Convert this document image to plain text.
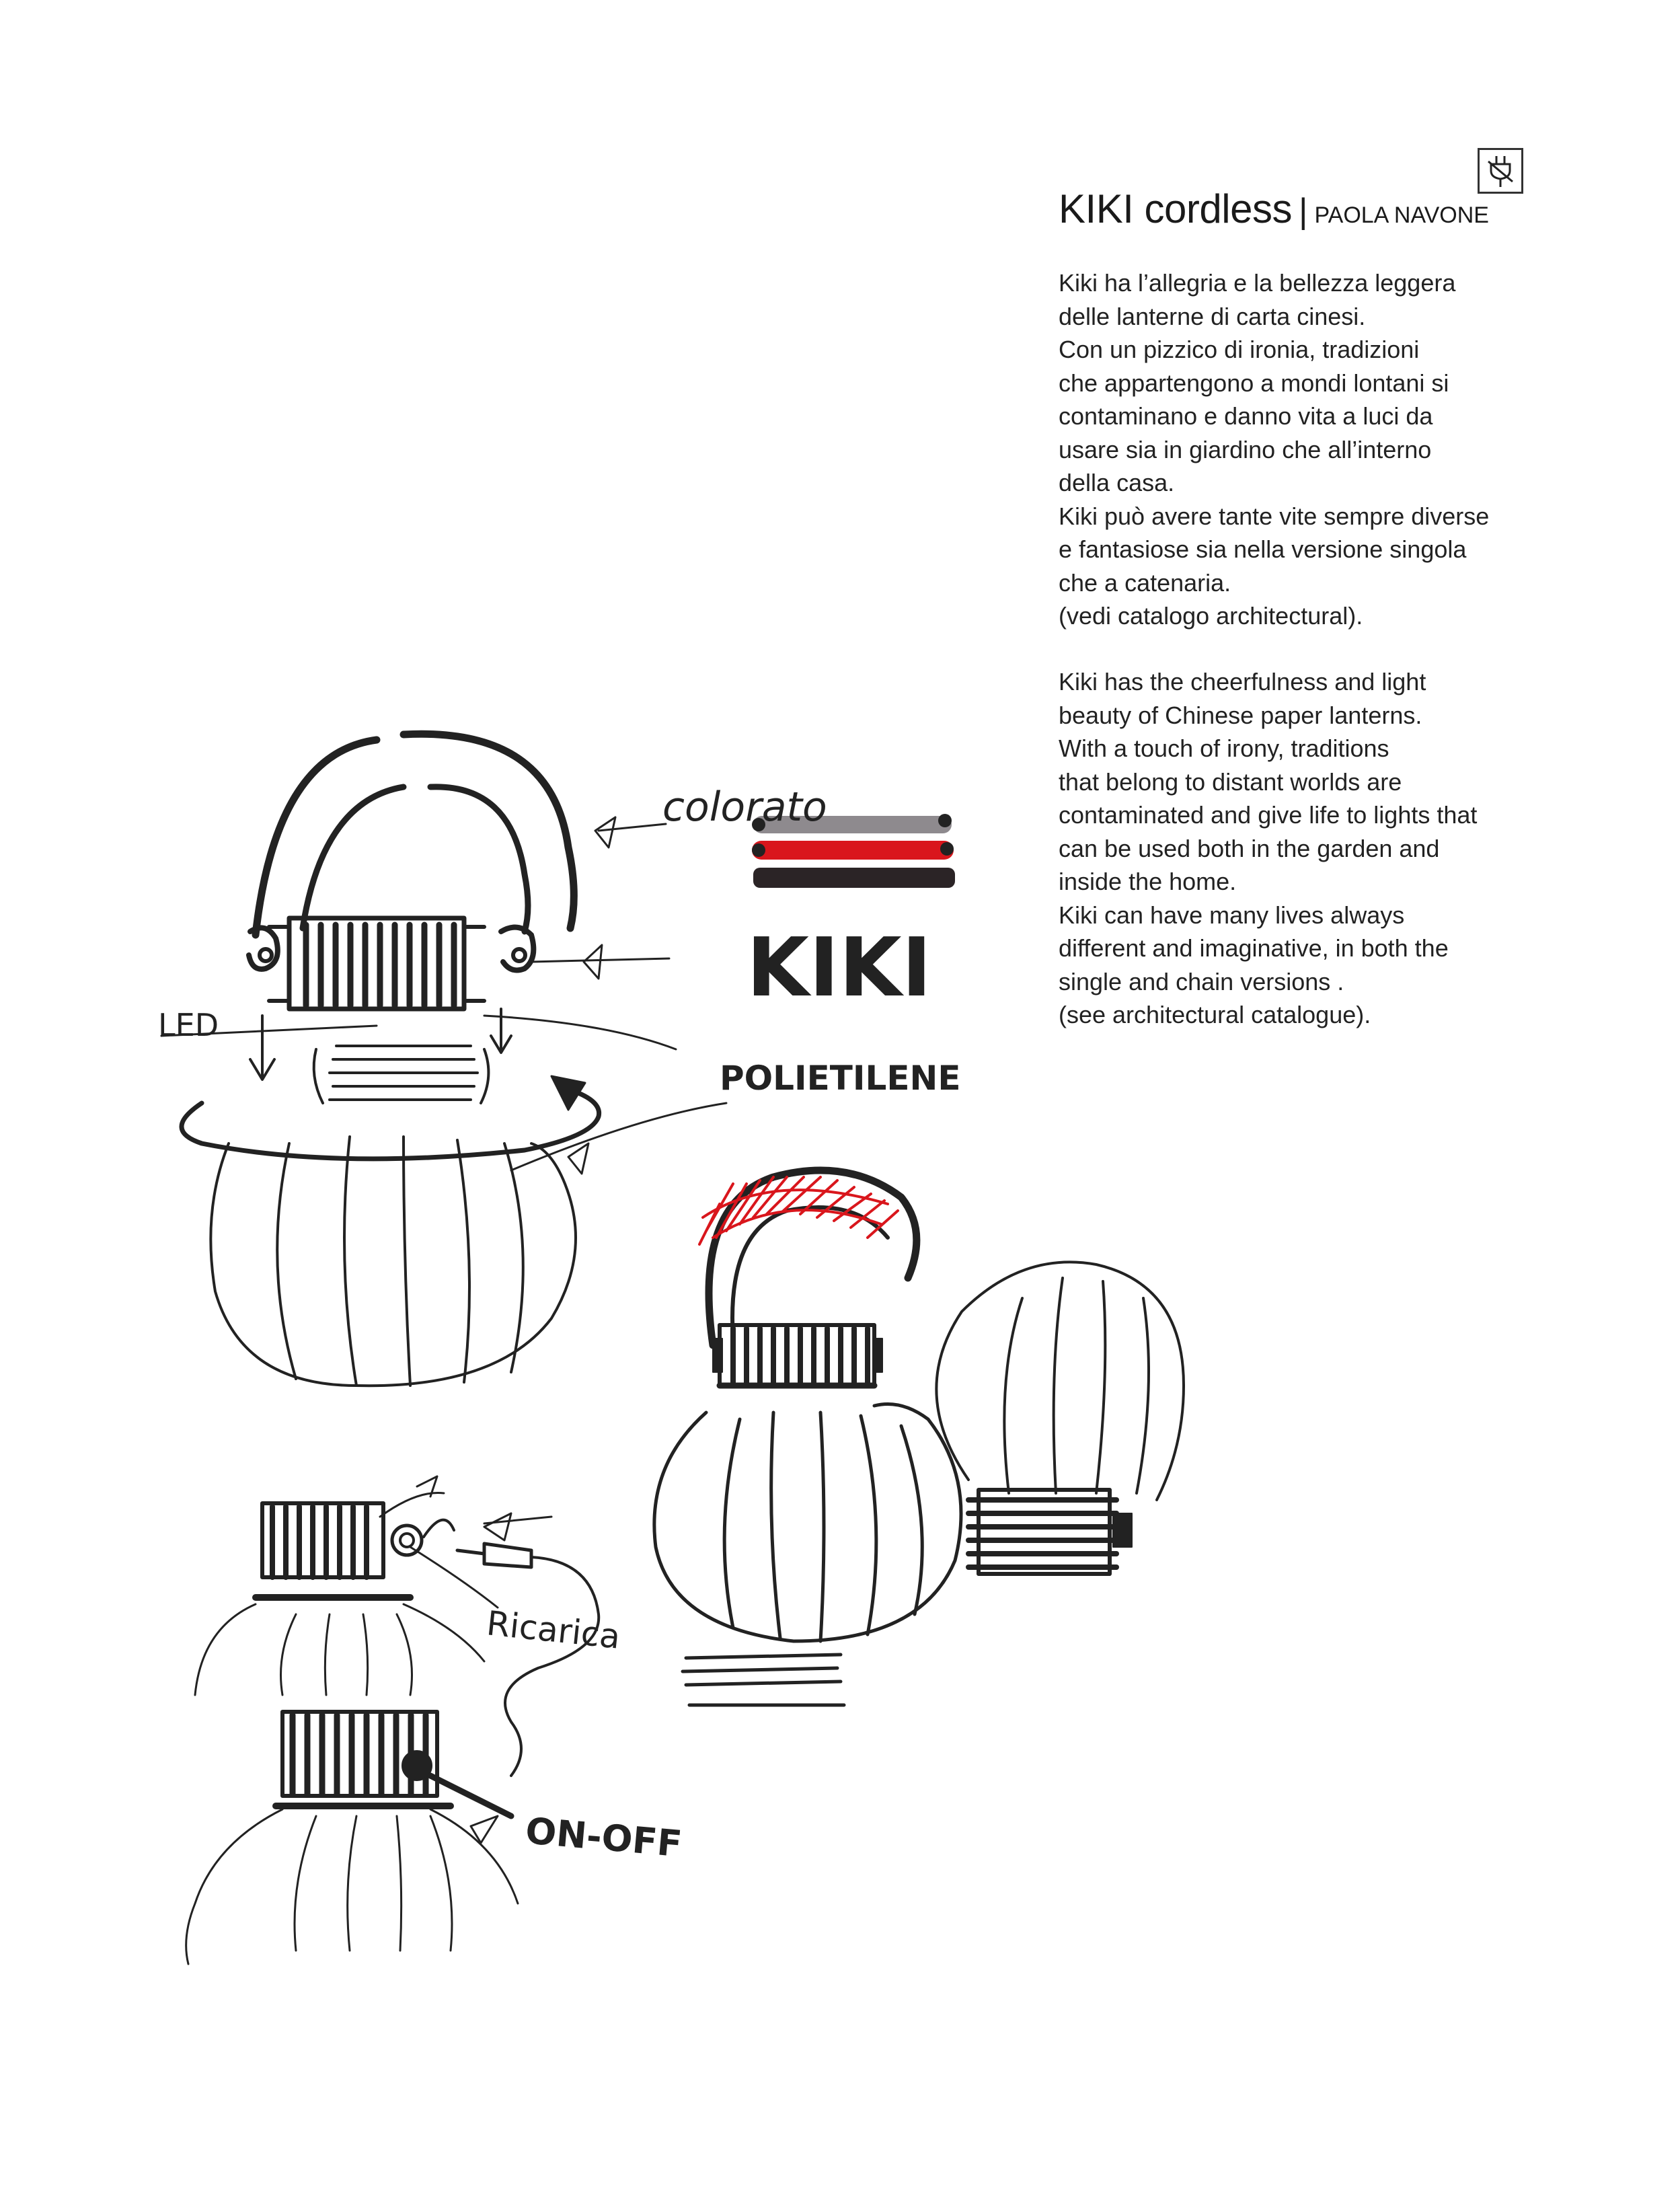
KIKI cordless | PAOLA NAVONE
Kiki ha l’allegria e la bellezza leggera
delle lanterne di carta cinesi.
Con un pizzico di ironia, tradizioni
che appartengono a mondi lontani si
contaminano e danno vita a luci da
usare sia in giardino che all’interno
della casa.
Kiki può avere tante vite sempre diverse
e fantasiose sia nella versione singola
che a catenaria.
(vedi catalogo architectural).
Kiki has the cheerfulness and light
beauty of Chinese paper lanterns.
With a touch of irony, traditions
that belong to distant worlds are
contaminated and give life to lights that
can be used both in the garden and
inside the home.
Kiki can have many lives always
different and imaginative, in both the
single and chain versions .
(see architectural catalogue).
colorato
KIKI
LED
POLIETILENE
Ricarica
ON-OFF
